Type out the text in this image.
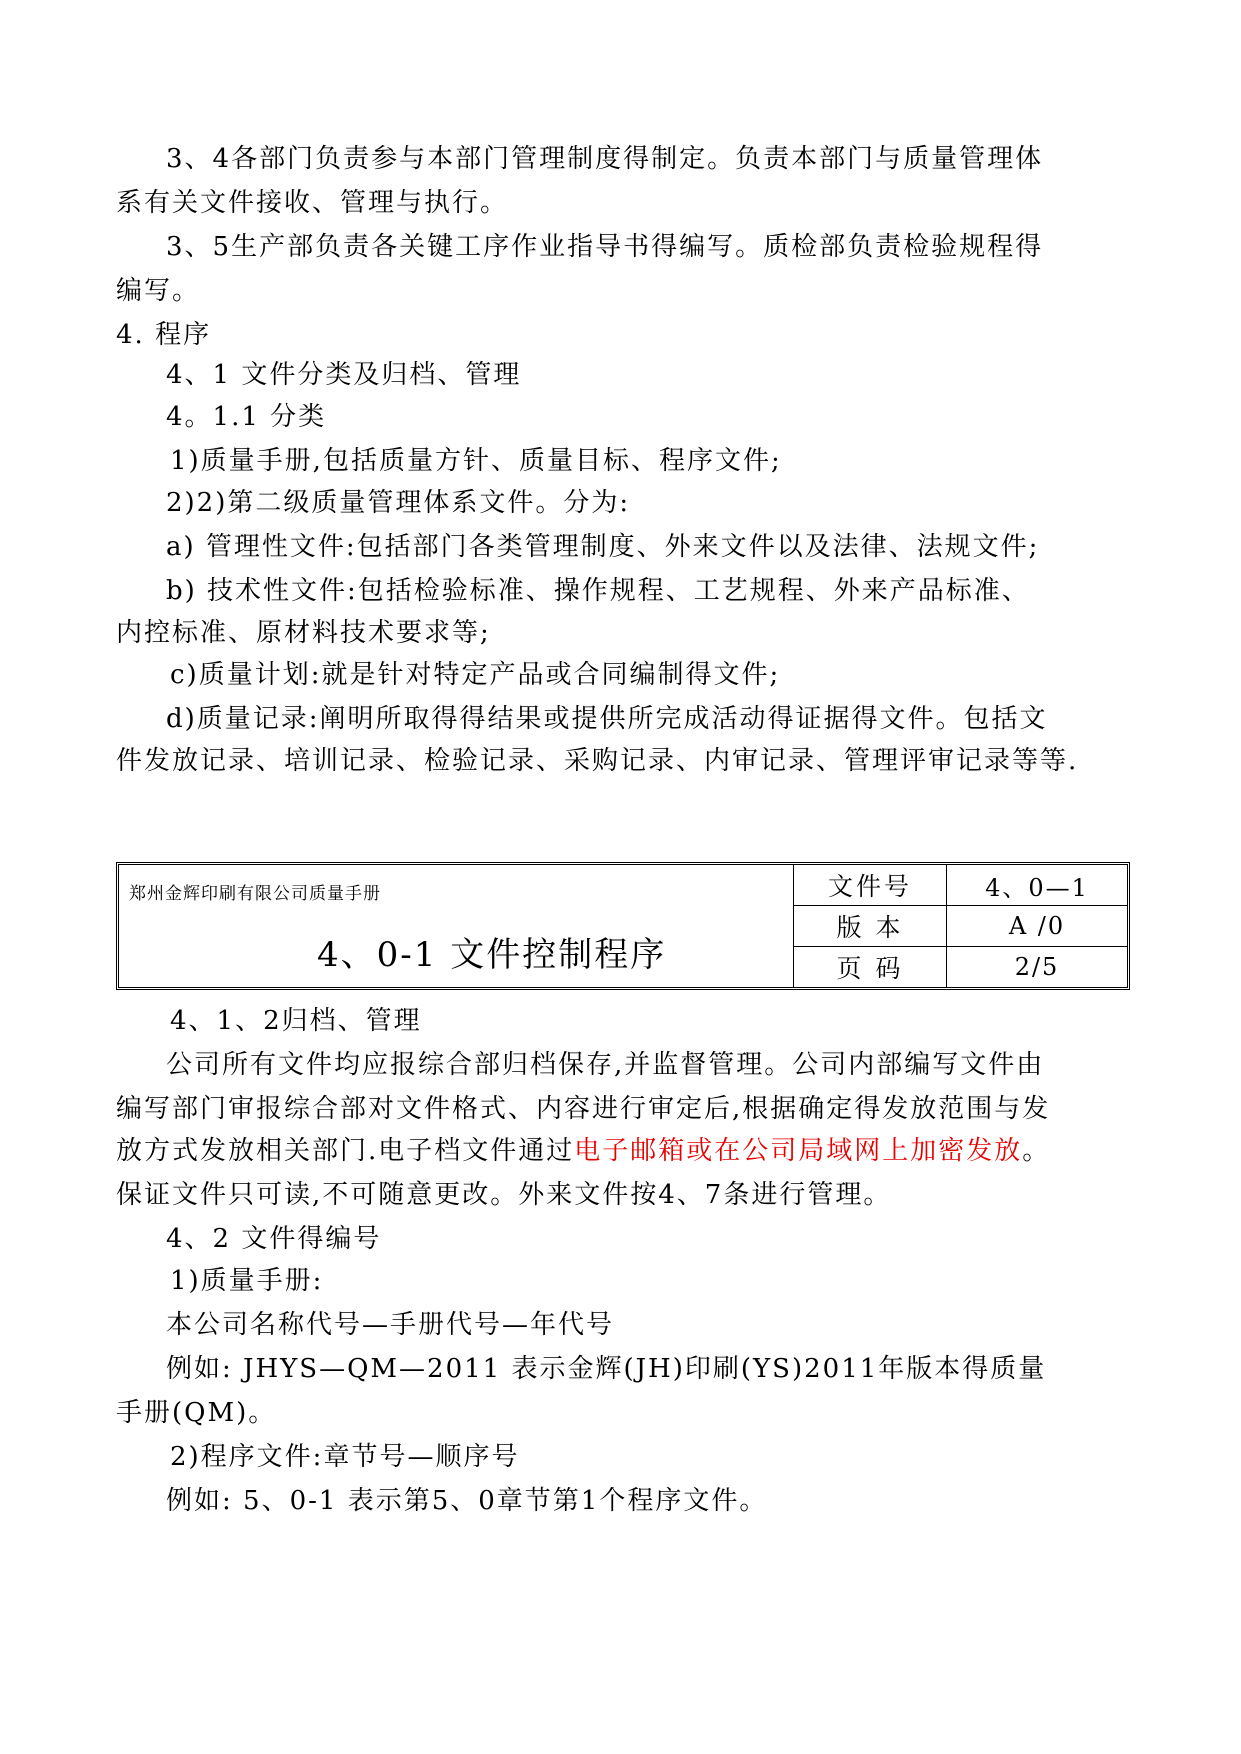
3、4各部门负责参与本部门管理制度得制定。负责本部门与质量管理体
系有关文件接收、管理与执行。
3、5生产部负责各关键工序作业指导书得编写。质检部负责检验规程得
编写。
4. 程序
4、1 文件分类及归档、管理
4。1.1 分类
1)质量手册,包括质量方针、质量目标、程序文件;
2)2)第二级质量管理体系文件。分为:
a) 管理性文件:包括部门各类管理制度、外来文件以及法律、法规文件;
b) 技术性文件:包括检验标准、操作规程、工艺规程、外来产品标准、
内控标准、原材料技术要求等;
c)质量计划:就是针对特定产品或合同编制得文件;
d)质量记录:阐明所取得得结果或提供所完成活动得证据得文件。包括文
件发放记录、培训记录、检验记录、采购记录、内审记录、管理评审记录等等.
郑州金辉印刷有限公司质量手册
4、0-1 文件控制程序
文件号	4、0—1
版 本	A /0
页 码	2/5
4、1、2归档、管理
公司所有文件均应报综合部归档保存,并监督管理。公司内部编写文件由
编写部门审报综合部对文件格式、内容进行审定后,根据确定得发放范围与发
放方式发放相关部门.电子档文件通过电子邮箱或在公司局域网上加密发放。
保证文件只可读,不可随意更改。外来文件按4、7条进行管理。
4、2 文件得编号
1)质量手册:
本公司名称代号—手册代号—年代号
例如: JHYS—QM—2011 表示金辉(JH)印刷(YS)2011年版本得质量
手册(QM)。
2)程序文件:章节号—顺序号
例如: 5、0-1 表示第5、0章节第1个程序文件。
